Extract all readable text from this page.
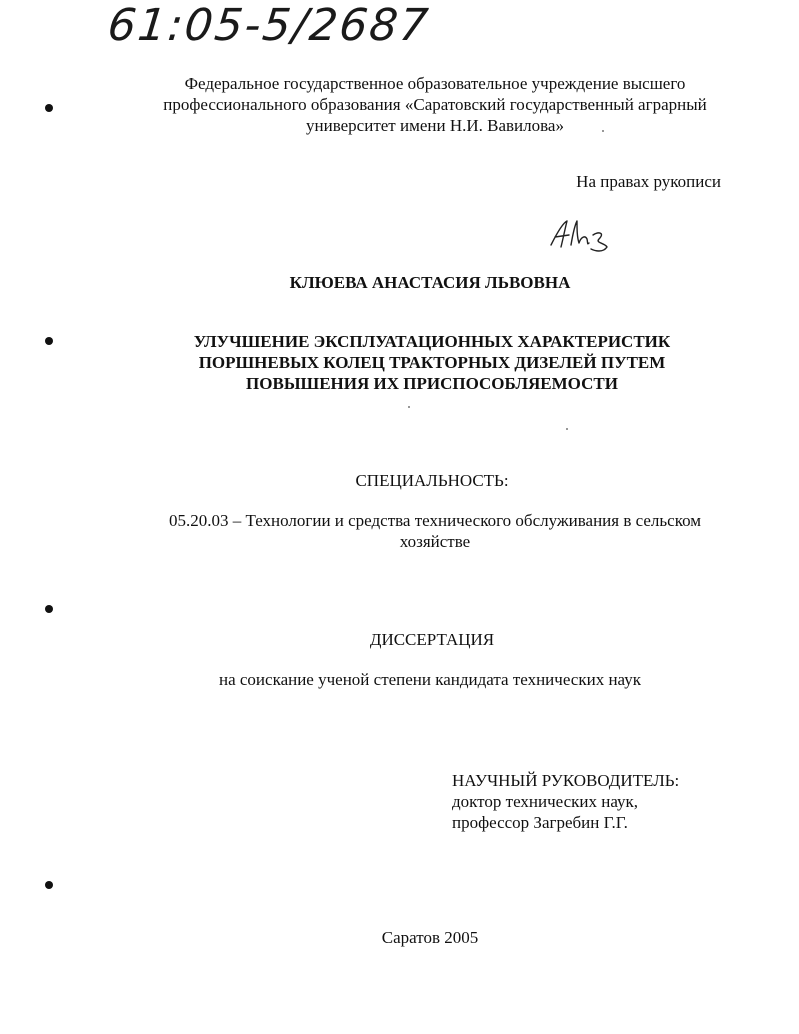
61:05-5/2687
Федеральное государственное образовательное учреждение высшего
профессионального образования «Саратовский государственный аграрный
университет имени Н.И. Вавилова»
На правах рукописи
КЛЮЕВА АНАСТАСИЯ ЛЬВОВНА
УЛУЧШЕНИЕ ЭКСПЛУАТАЦИОННЫХ ХАРАКТЕРИСТИК
ПОРШНЕВЫХ КОЛЕЦ ТРАКТОРНЫХ ДИЗЕЛЕЙ ПУТЕМ
ПОВЫШЕНИЯ ИХ ПРИСПОСОБЛЯЕМОСТИ
СПЕЦИАЛЬНОСТЬ:
05.20.03 – Технологии и средства технического обслуживания в сельском
хозяйстве
ДИССЕРТАЦИЯ
на соискание ученой степени кандидата технических наук
НАУЧНЫЙ РУКОВОДИТЕЛЬ:
доктор технических наук,
профессор Загребин Г.Г.
Саратов 2005
